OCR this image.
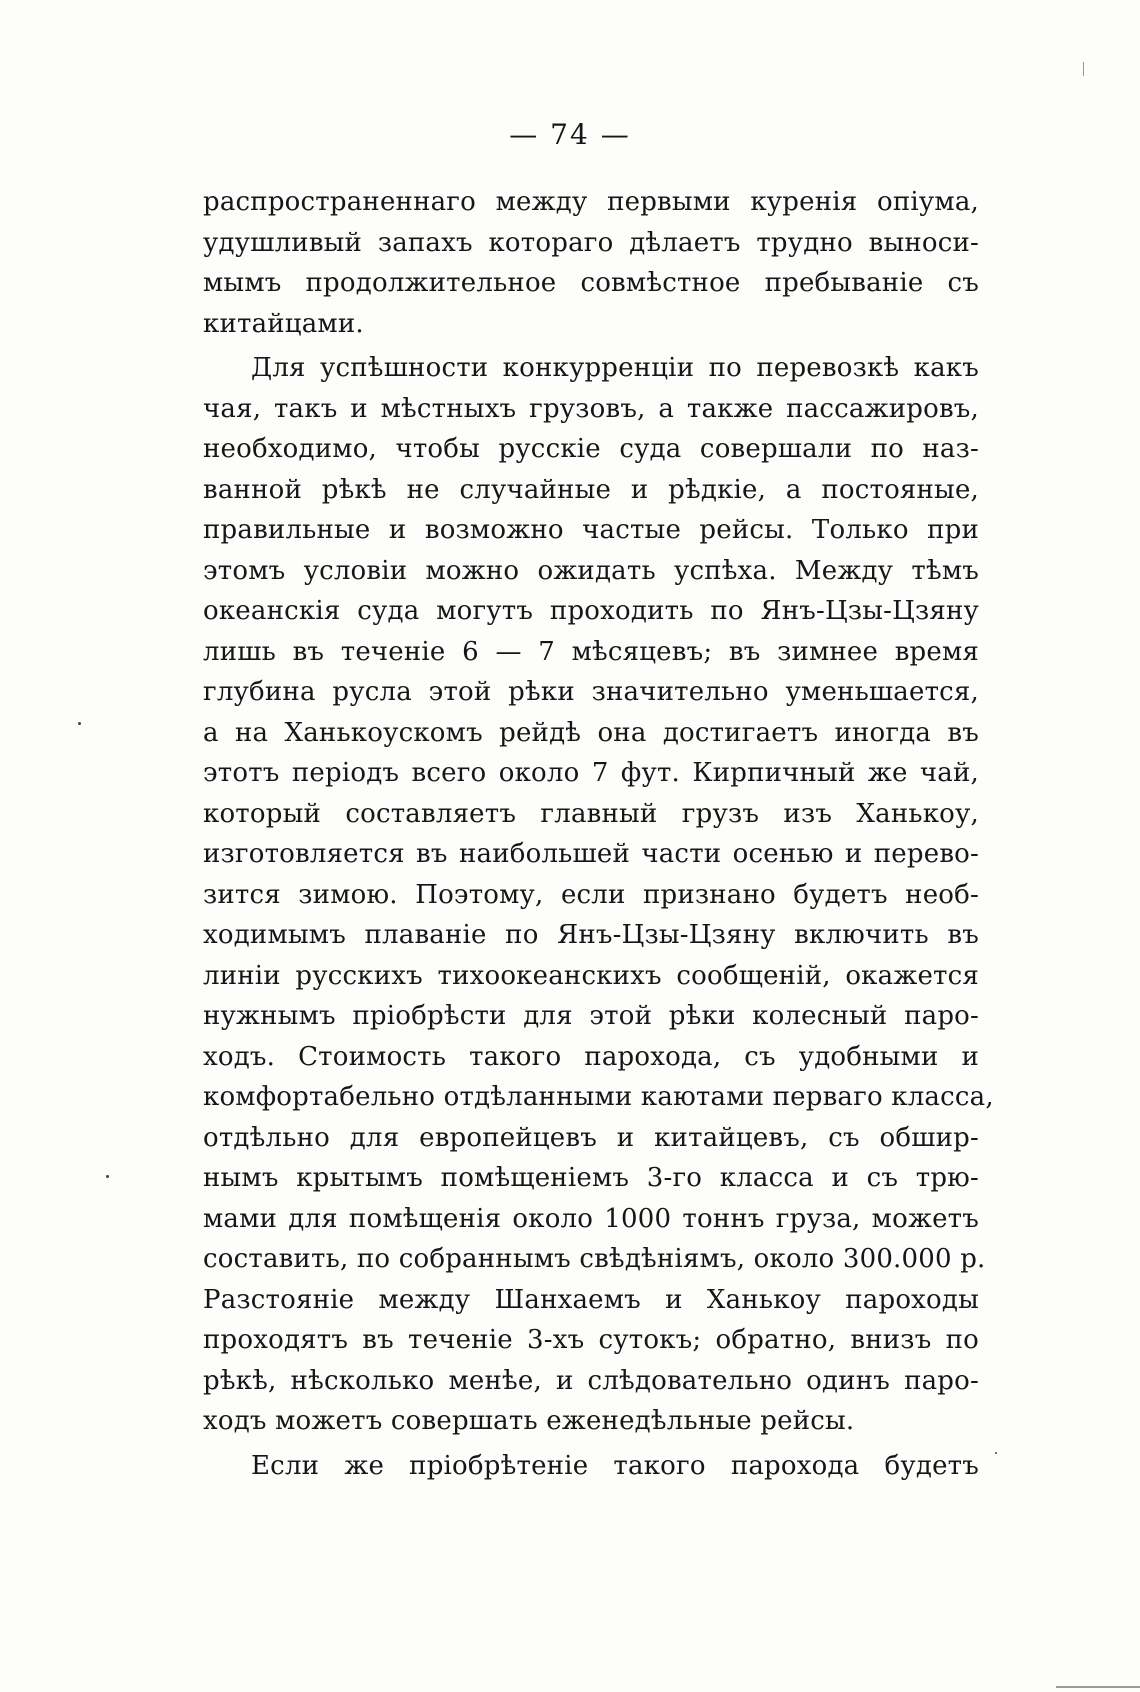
— 74 —

распространеннаго между первыми куренія опіума,
удушливый запахъ котораго дѣлаетъ трудно выноси-
мымъ продолжительное совмѣстное пребываніе съ
китайцами.

Для успѣшности конкурренціи по перевозкѣ какъ
чая, такъ и мѣстныхъ грузовъ, а также пассажировъ,
необходимо, чтобы русскіе суда совершали по наз-
ванной рѣкѣ не случайные и рѣдкіе, а постояные,
правильные и возможно частые рейсы. Только при
этомъ условіи можно ожидать успѣха. Между тѣмъ
океанскія суда могутъ проходить по Янъ-Цзы-Цзяну
лишь въ теченіе 6 — 7 мѣсяцевъ; въ зимнее время
глубина русла этой рѣки значительно уменьшается,
а на Ханькоускомъ рейдѣ она достигаетъ иногда въ
этотъ періодъ всего около 7 фут. Кирпичный же чай,
который составляетъ главный грузъ изъ Ханькоу,
изготовляется въ наибольшей части осенью и перево-
зится зимою. Поэтому, если признано будетъ необ-
ходимымъ плаваніе по Янъ-Цзы-Цзяну включить въ
линіи русскихъ тихоокеанскихъ сообщеній, окажется
нужнымъ пріобрѣсти для этой рѣки колесный паро-
ходъ. Стоимость такого парохода, съ удобными и
комфортабельно отдѣланными каютами перваго класса,
отдѣльно для европейцевъ и китайцевъ, съ обшир-
нымъ крытымъ помѣщеніемъ 3-го класса и съ трю-
мами для помѣщенія около 1000 тоннъ груза, можетъ
составить, по собраннымъ свѣдѣніямъ, около 300.000 р.
Разстояніе между Шанхаемъ и Ханькоу пароходы
проходятъ въ теченіе 3-хъ сутокъ; обратно, внизъ по
рѣкѣ, нѣсколько менѣе, и слѣдовательно одинъ паро-
ходъ можетъ совершать еженедѣльные рейсы.

Если же пріобрѣтеніе такого парохода будетъ
